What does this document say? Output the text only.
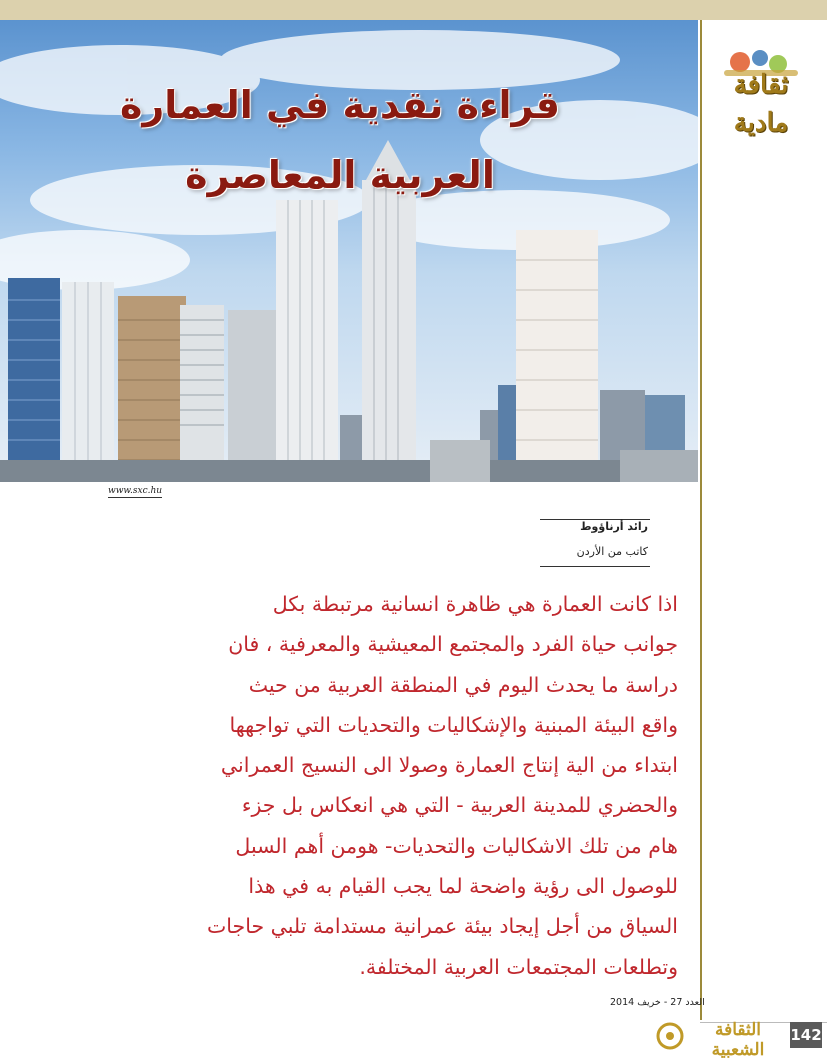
قراءة نقدية في العمارة
العربية المعاصرة
ثقافة
مادية
www.sxc.hu
رائد أرناؤوط
كاتب من الأردن
اذا كانت العمارة هي ظاهرة انسانية مرتبطة بكل
جوانب حياة الفرد والمجتمع المعيشية والمعرفية ، فان
دراسة ما يحدث اليوم في المنطقة العربية من حيث
واقع البيئة المبنية والإشكاليات والتحديات التي تواجهها
ابتداء من الية إنتاج العمارة وصولا الى النسيج العمراني
والحضري للمدينة العربية - التي هي انعكاس بل جزء
هام من تلك الاشكاليات والتحديات- هومن أهم السبل
للوصول الى رؤية واضحة لما يجب القيام به في هذا
السياق من أجل إيجاد بيئة عمرانية مستدامة تلبي حاجات
وتطلعات المجتمعات العربية المختلفة.
العدد 27 - خريف 2014
الثقافة الشعبية
142
